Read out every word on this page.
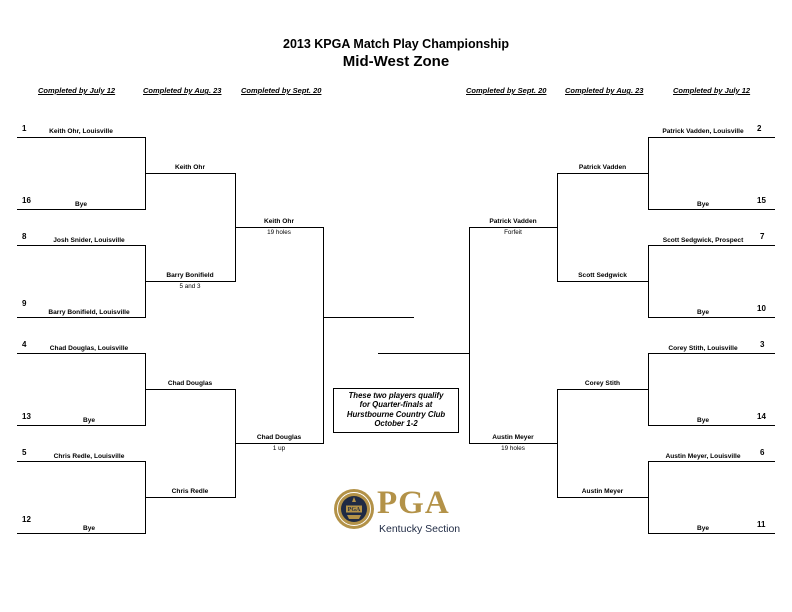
2013 KPGA Match Play Championship
Mid-West Zone
Completed by July 12	Completed by Aug. 23	Completed by Sept. 20	Completed by Sept. 20 Completed by Aug. 23	Completed by July 12
1	Keith Ohr, Louisville
16	Bye
8	Josh Snider, Louisville
9
Barry Bonifield, Louisville
4	Chad Douglas, Louisville
13	Bye
5	Chris Redle, Louisville
12
Bye
Keith Ohr
Barry Bonifield
5 and 3
Chad Douglas
Chris Redle
Keith Ohr
19 holes
Chad Douglas
1 up
2
Patrick Vadden, Louisville
15
Bye
7
Scott Sedgwick, Prospect
10
Bye
3
Corey Stith, Louisville
14
Bye
6
Austin Meyer, Louisville
11
Bye
Patrick Vadden
Scott Sedgwick
Corey Stith
Austin Meyer
Patrick Vadden
Forfeit
Austin Meyer
19 holes
These two players qualify
for Quarter-finals at
Hurstbourne Country Club
October 1-2
PGA PGA
Kentucky Section
